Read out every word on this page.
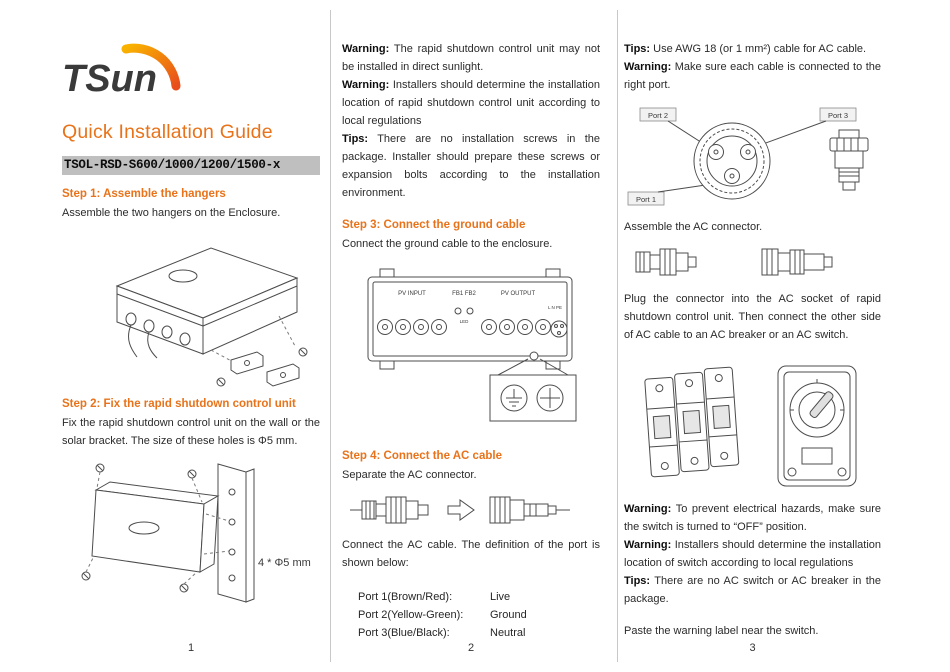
TSun
Quick Installation Guide
TSOL-RSD-S600/1000/1200/1500-x
Step 1: Assemble the hangers

Assemble the two hangers on the Enclosure.

Step 2: Fix the rapid shutdown control unit

Fix the rapid shutdown control unit on the wall or the solar bracket. The size of these holes is Φ5 mm.

4 * Φ5 mm
1

Warning: The rapid shutdown control unit may not be installed in direct sunlight.

Warning: Installers should determine the installation location of rapid shutdown control unit according to local regulations

Tips: There are no installation screws in the package. Installer should prepare these screws or expansion bolts according to the installation environment.

Step 3: Connect the ground cable

Connect the ground cable to the enclosure.

PV INPUT	FB1 FB2	PV OUTPUT
L N PE
LED
Step 4: Connect the AC cable

Separate the AC connector.

Connect the AC cable. The definition of the port is shown below:

Port 1(Brown/Red):	Live
Port 2(Yellow-Green):	Ground
Port 3(Blue/Black):	Neutral
2

Tips: Use AWG 18 (or 1 mm²) cable for AC cable.

Warning: Make sure each cable is connected to the right port.

Port 2	Port 3
Port 1

Assemble the AC connector.

Plug the connector into the AC socket of rapid shutdown control unit. Then connect the other side of AC cable to an AC breaker or an AC switch.

Warning: To prevent electrical hazards, make sure the switch is turned to “OFF” position.

Warning: Installers should determine the installation location of switch according to local regulations

Tips: There are no AC switch or AC breaker in the package.

Paste the warning label near the switch.

3
